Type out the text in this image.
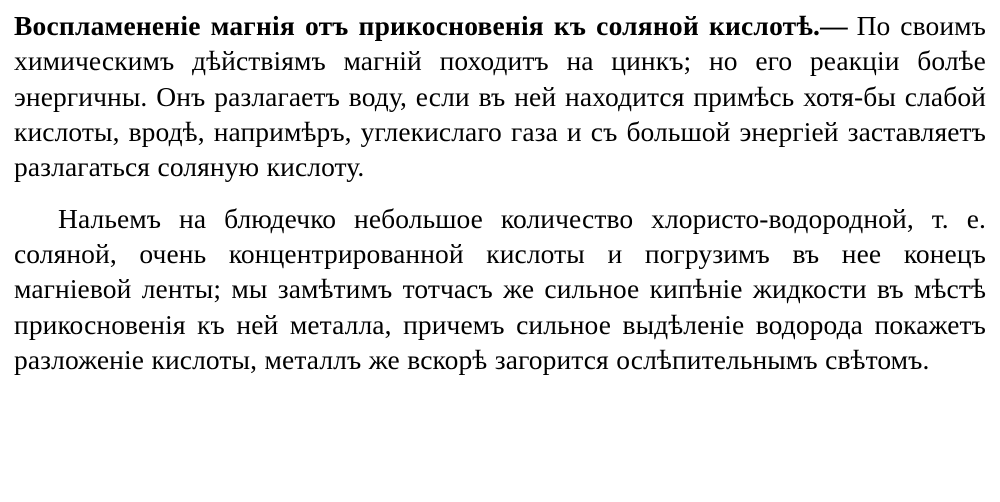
Воспламененіе магнія отъ прикосновенія къ соляной кислотѣ.— По своимъ химическимъ дѣйствіямъ магній походитъ на цинкъ; но его реакціи болѣе энергичны. Онъ разлагаетъ воду, если въ ней находится примѣсь хотя-бы слабой кислоты, вродѣ, напримѣръ, углекислаго газа и съ большой энергіей заставляетъ разлагаться соляную кислоту.

Нальемъ на блюдечко небольшое количество хлористо-водородной, т. е. соляной, очень концентрированной кислоты и погрузимъ въ нее конецъ магніевой ленты; мы замѣтимъ тотчасъ же сильное кипѣніе жидкости въ мѣстѣ прикосновенія къ ней металла, причемъ сильное выдѣленіе водорода покажетъ разложеніе кислоты, металлъ же вскорѣ загорится ослѣпительнымъ свѣтомъ.
